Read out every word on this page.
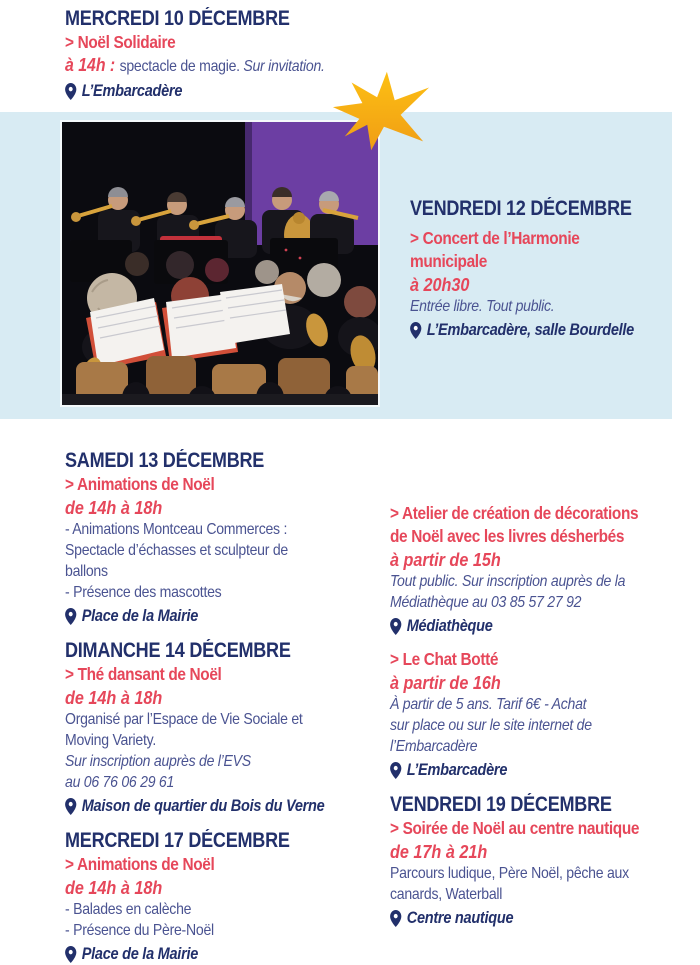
MERCREDI 10 DÉCEMBRE
> Noël Solidaire
à 14h : spectacle de magie. Sur invitation.
L’Embarcadère
VENDREDI 12 DÉCEMBRE
> Concert de l’Harmonie
municipale
à 20h30
Entrée libre. Tout public.
L’Embarcadère, salle Bourdelle
SAMEDI 13 DÉCEMBRE
> Animations de Noël
de 14h à 18h
- Animations Montceau Commerces :
Spectacle d’échasses et sculpteur de
ballons
- Présence des mascottes
Place de la Mairie
DIMANCHE 14 DÉCEMBRE
> Thé dansant de Noël
de 14h à 18h
Organisé par l’Espace de Vie Sociale et
Moving Variety.
Sur inscription auprès de l’EVS
au 06 76 06 29 61
Maison de quartier du Bois du Verne
MERCREDI 17 DÉCEMBRE
> Animations de Noël
de 14h à 18h
- Balades en calèche
- Présence du Père-Noël
Place de la Mairie
> Atelier de création de décorations
de Noël avec les livres désherbés
à partir de 15h
Tout public. Sur inscription auprès de la
Médiathèque au 03 85 57 27 92
Médiathèque
> Le Chat Botté
à partir de 16h
À partir de 5 ans. Tarif 6€ - Achat
sur place ou sur le site internet de
l’Embarcadère
L’Embarcadère
VENDREDI 19 DÉCEMBRE
> Soirée de Noël au centre nautique
de 17h à 21h
Parcours ludique, Père Noël, pêche aux
canards, Waterball
Centre nautique
